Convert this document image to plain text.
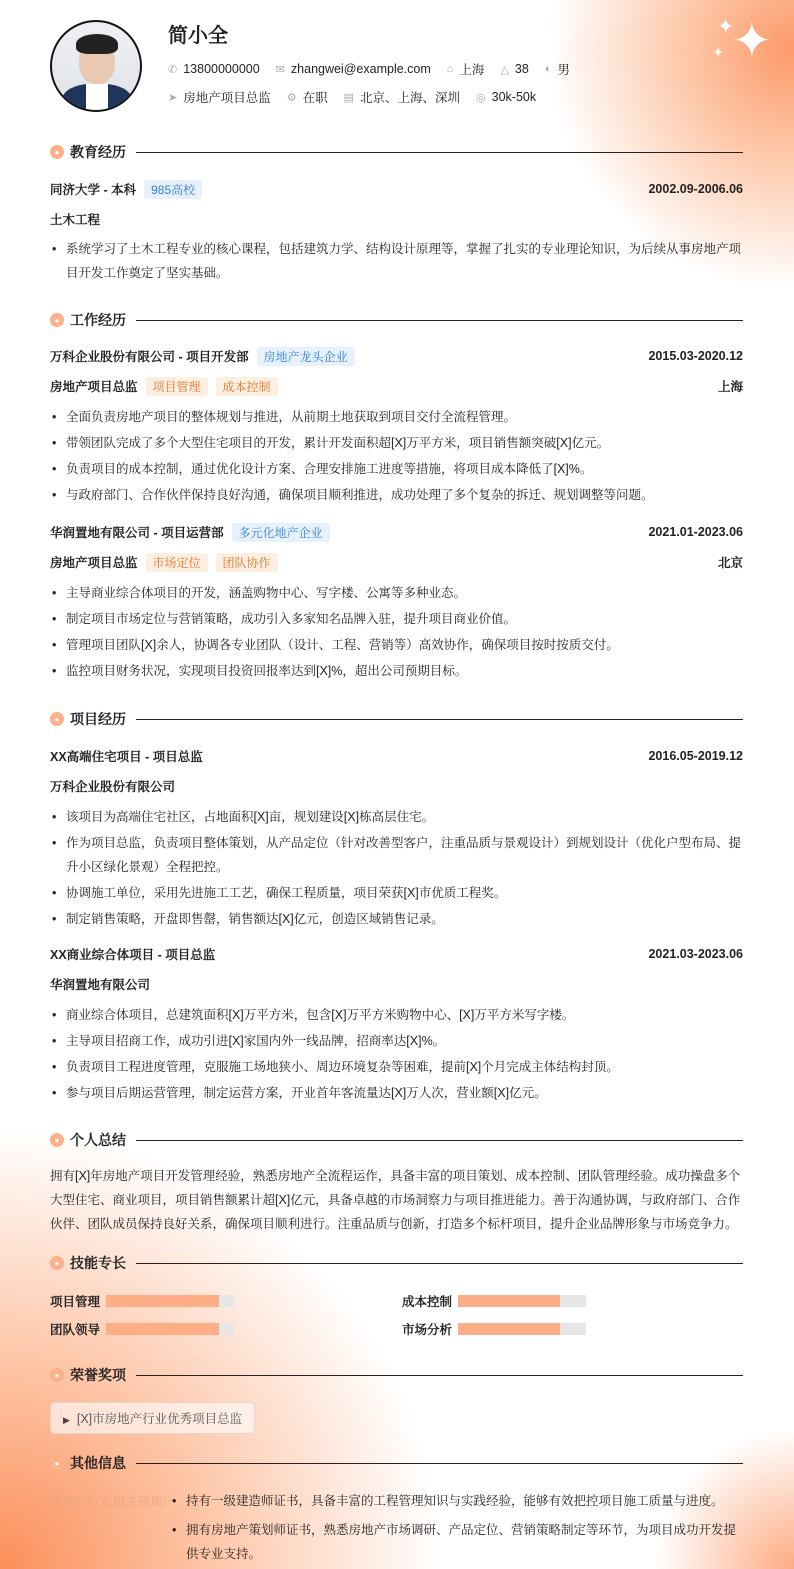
✦
✦
✦
简小全
✆ 13800000000 ✉ zhangwei@example.com ⌂ 上海 △ 38 ◐ 男
➤ 房地产项目总监 ⚙ 在职 ▤ 北京、上海、深圳 ◎ 30k-50k
● 教育经历
同济大学 - 本科	985高校	2002.09-2006.06
土木工程
• 系统学习了土木工程专业的核心课程，包括建筑力学、结构设计原理等，掌握了扎实的专业理论知识，为后续从事房地产项目开发工作奠定了坚实基础。
● 工作经历
万科企业股份有限公司 - 项目开发部	房地产龙头企业	2015.03-2020.12
房地产项目总监	项目管理	成本控制	上海
• 全面负责房地产项目的整体规划与推进，从前期土地获取到项目交付全流程管理。
• 带领团队完成了多个大型住宅项目的开发，累计开发面积超[X]万平方米，项目销售额突破[X]亿元。
• 负责项目的成本控制，通过优化设计方案、合理安排施工进度等措施，将项目成本降低了[X]%。
• 与政府部门、合作伙伴保持良好沟通，确保项目顺利推进，成功处理了多个复杂的拆迁、规划调整等问题。
华润置地有限公司 - 项目运营部	多元化地产企业	2021.01-2023.06
房地产项目总监	市场定位	团队协作	北京
• 主导商业综合体项目的开发，涵盖购物中心、写字楼、公寓等多种业态。
• 制定项目市场定位与营销策略，成功引入多家知名品牌入驻，提升项目商业价值。
• 管理项目团队[X]余人，协调各专业团队（设计、工程、营销等）高效协作，确保项目按时按质交付。
• 监控项目财务状况，实现项目投资回报率达到[X]%，超出公司预期目标。
● 项目经历
XX高端住宅项目 - 项目总监	2016.05-2019.12
万科企业股份有限公司
• 该项目为高端住宅社区，占地面积[X]亩，规划建设[X]栋高层住宅。
• 作为项目总监，负责项目整体策划，从产品定位（针对改善型客户，注重品质与景观设计）到规划设计（优化户型布局、提升小区绿化景观）全程把控。
• 协调施工单位，采用先进施工工艺，确保工程质量，项目荣获[X]市优质工程奖。
• 制定销售策略，开盘即售罄，销售额达[X]亿元，创造区域销售记录。
XX商业综合体项目 - 项目总监	2021.03-2023.06
华润置地有限公司
• 商业综合体项目，总建筑面积[X]万平方米，包含[X]万平方米购物中心、[X]万平方米写字楼。
• 主导项目招商工作，成功引进[X]家国内外一线品牌，招商率达[X]%。
• 负责项目工程进度管理，克服施工场地狭小、周边环境复杂等困难，提前[X]个月完成主体结构封顶。
• 参与项目后期运营管理，制定运营方案，开业首年客流量达[X]万人次，营业额[X]亿元。
● 个人总结
拥有[X]年房地产项目开发管理经验，熟悉房地产全流程运作，具备丰富的项目策划、成本控制、团队管理经验。成功操盘多个大型住宅、商业项目，项目销售额累计超[X]亿元，具备卓越的市场洞察力与项目推进能力。善于沟通协调，与政府部门、合作伙伴、团队成员保持良好关系，确保项目顺利进行。注重品质与创新，打造多个标杆项目，提升企业品牌形象与市场竞争力。
● 技能专长
项目管理	成本控制
团队领导	市场分析
● 荣誉奖项
▶ [X]市房地产行业优秀项目总监
● 其他信息
房地产行业相关资质:	• 持有一级建造师证书，具备丰富的工程管理知识与实践经验，能够有效把控项目施工质量与进度。
• 拥有房地产策划师证书，熟悉房地产市场调研、产品定位、营销策略制定等环节，为项目成功开发提供专业支持。
